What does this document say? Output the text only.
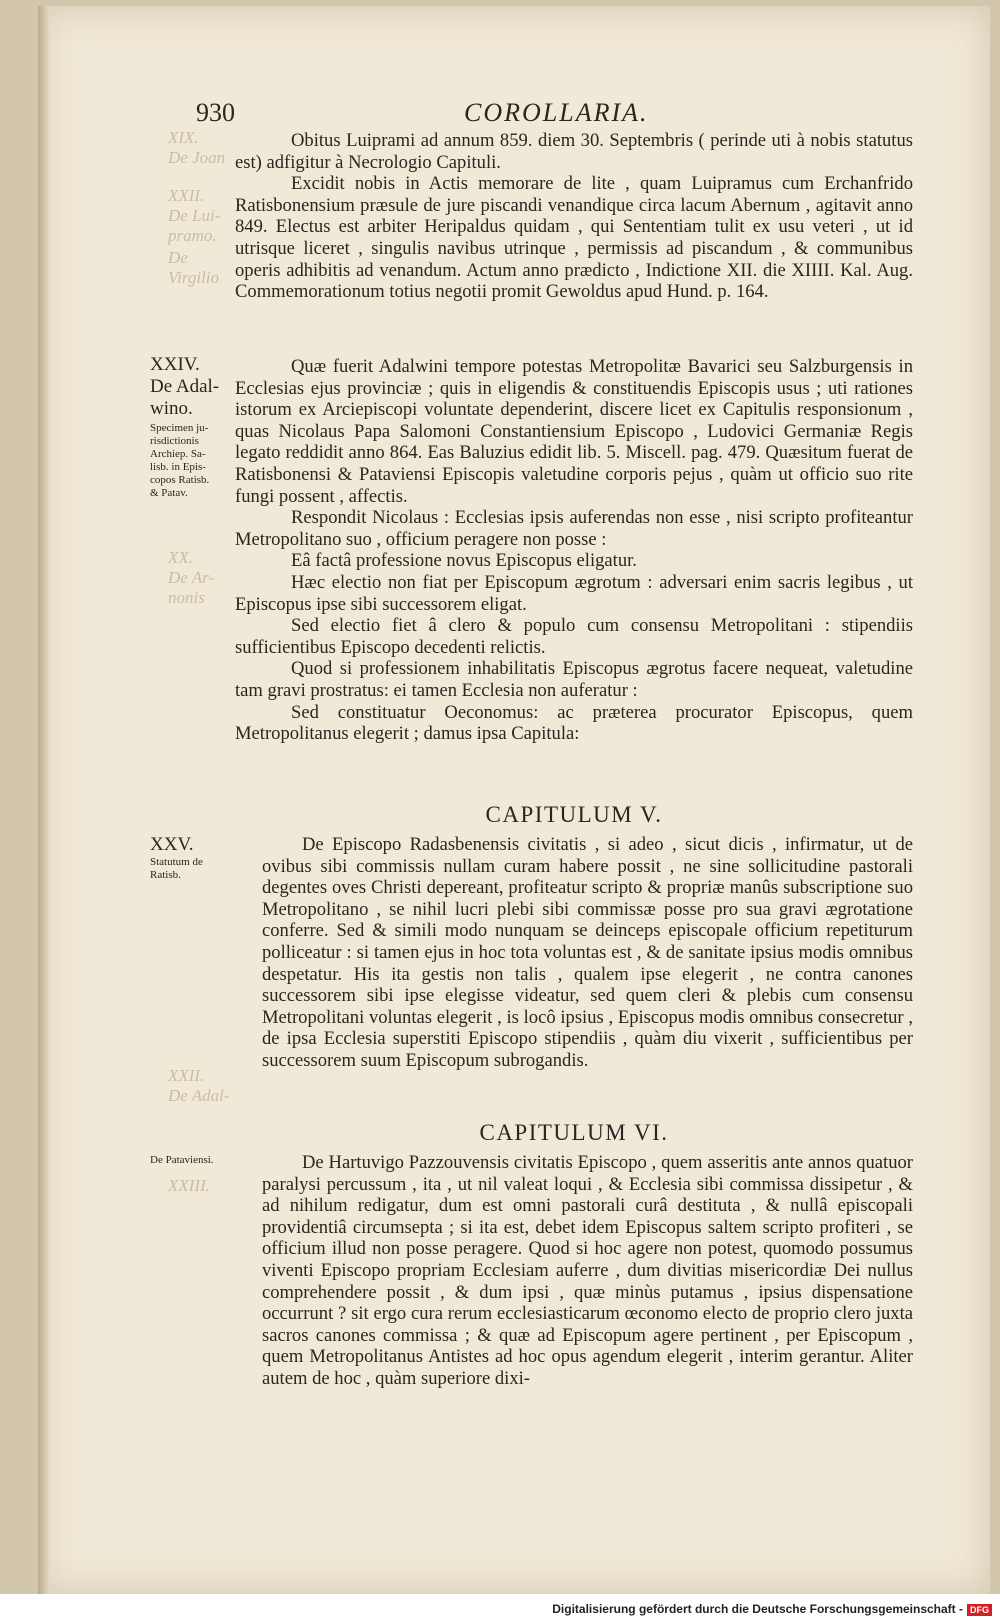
XIX.
De Joan
XXII.
De Lui-
pramo.
De
Virgilio
XX.
De Ar-
nonis
XXII.
De Adal-
XXIII.
930	COROLLARIA.

Obitus Luiprami ad annum 859. diem 30. Septembris ( perinde uti à nobis statutus est) adfigitur à Necrologio Capituli.

Excidit nobis in Actis memorare de lite , quam Luipramus cum Erchanfrido Ratisbonensium præsule de jure piscandi venandique circa lacum Abernum , agitavit anno 849. Electus est arbiter Heripaldus quidam , qui Sententiam tulit ex usu veteri , ut id utrisque liceret , singulis navibus utrinque , permissis ad piscandum , & communibus operis adhibitis ad venandum. Actum anno prædicto , Indictione XII. die XIIII. Kal. Aug. Commemorationum totius negotii promit Gewoldus apud Hund. p. 164.

XXIV.
De Adal-
wino.
Specimen ju-
risdictionis
Archiep. Sa-
lisb. in Epis-
copos Ratisb.
& Patav.

Quæ fuerit Adalwini tempore potestas Metropolitæ Bavarici seu Salzburgensis in Ecclesias ejus provinciæ ; quis in eligendis & constituendis Episcopis usus ; uti rationes istorum ex Arciepiscopi voluntate dependerint, discere licet ex Capitulis responsionum , quas Nicolaus Papa Salomoni Constantiensium Episcopo , Ludovici Germaniæ Regis legato reddidit anno 864. Eas Baluzius edidit lib. 5. Miscell. pag. 479. Quæsitum fuerat de Ratisbonensi & Pataviensi Episcopis valetudine corporis pejus , quàm ut officio suo rite fungi possent , affectis.

Respondit Nicolaus : Ecclesias ipsis auferendas non esse , nisi scripto profiteantur Metropolitano suo , officium peragere non posse :

Eâ factâ professione novus Episcopus eligatur.

Hæc electio non fiat per Episcopum ægrotum : adversari enim sacris legibus , ut Episcopus ipse sibi successorem eligat.

Sed electio fiet â clero & populo cum consensu Metropolitani : stipendiis sufficientibus Episcopo decedenti relictis.

Quod si professionem inhabilitatis Episcopus ægrotus facere nequeat, valetudine tam gravi prostratus: ei tamen Ecclesia non auferatur :

Sed constituatur Oeconomus: ac præterea procurator Episcopus, quem Metropolitanus elegerit ; damus ipsa Capitula:

CAPITULUM V.
XXV.
Statutum de
Ratisb.

De Episcopo Radasbenensis civitatis , si adeo , sicut dicis , infirmatur, ut de ovibus sibi commissis nullam curam habere possit , ne sine sollicitudine pastorali degentes oves Christi depereant, profiteatur scripto & propriæ manûs subscriptione suo Metropolitano , se nihil lucri plebi sibi commissæ posse pro sua gravi ægrotatione conferre. Sed & simili modo nunquam se deinceps episcopale officium repetiturum polliceatur : si tamen ejus in hoc tota voluntas est , & de sanitate ipsius modis omnibus despetatur. His ita gestis non talis , qualem ipse elegerit , ne contra canones successorem sibi ipse elegisse videatur, sed quem cleri & plebis cum consensu Metropolitani voluntas elegerit , is locô ipsius , Episcopus modis omnibus consecretur , de ipsa Ecclesia superstiti Episcopo stipendiis , quàm diu vixerit , sufficientibus per successorem suum Episcopum subrogandis.

CAPITULUM VI.
De Pataviensi.	De Hartuvigo Pazzouvensis civitatis Episcopo , quem asseritis ante annos quatuor paralysi percussum , ita , ut nil valeat loqui , & Ecclesia sibi commissa dissipetur , & ad nihilum redigatur, dum est omni pastorali curâ destituta , & nullâ episcopali providentiâ circumsepta ; si ita est, debet idem Episcopus saltem scripto profiteri , se officium illud non posse peragere. Quod si hoc agere non potest, quomodo possumus viventi Episcopo propriam Ecclesiam auferre , dum divitias misericordiæ Dei nullus comprehendere possit , & dum ipsi , quæ minùs putamus , ipsius dispensatione occurrunt ? sit ergo cura rerum ecclesiasticarum œconomo electo de proprio clero juxta sacros canones commissa ; & quæ ad Episcopum agere pertinent , per Episcopum , quem Metropolitanus Antistes ad hoc opus agendum elegerit , interim gerantur. Aliter autem de hoc , quàm superiore dixi-

Digitalisierung gefördert durch die Deutsche Forschungsgemeinschaft - DFG
